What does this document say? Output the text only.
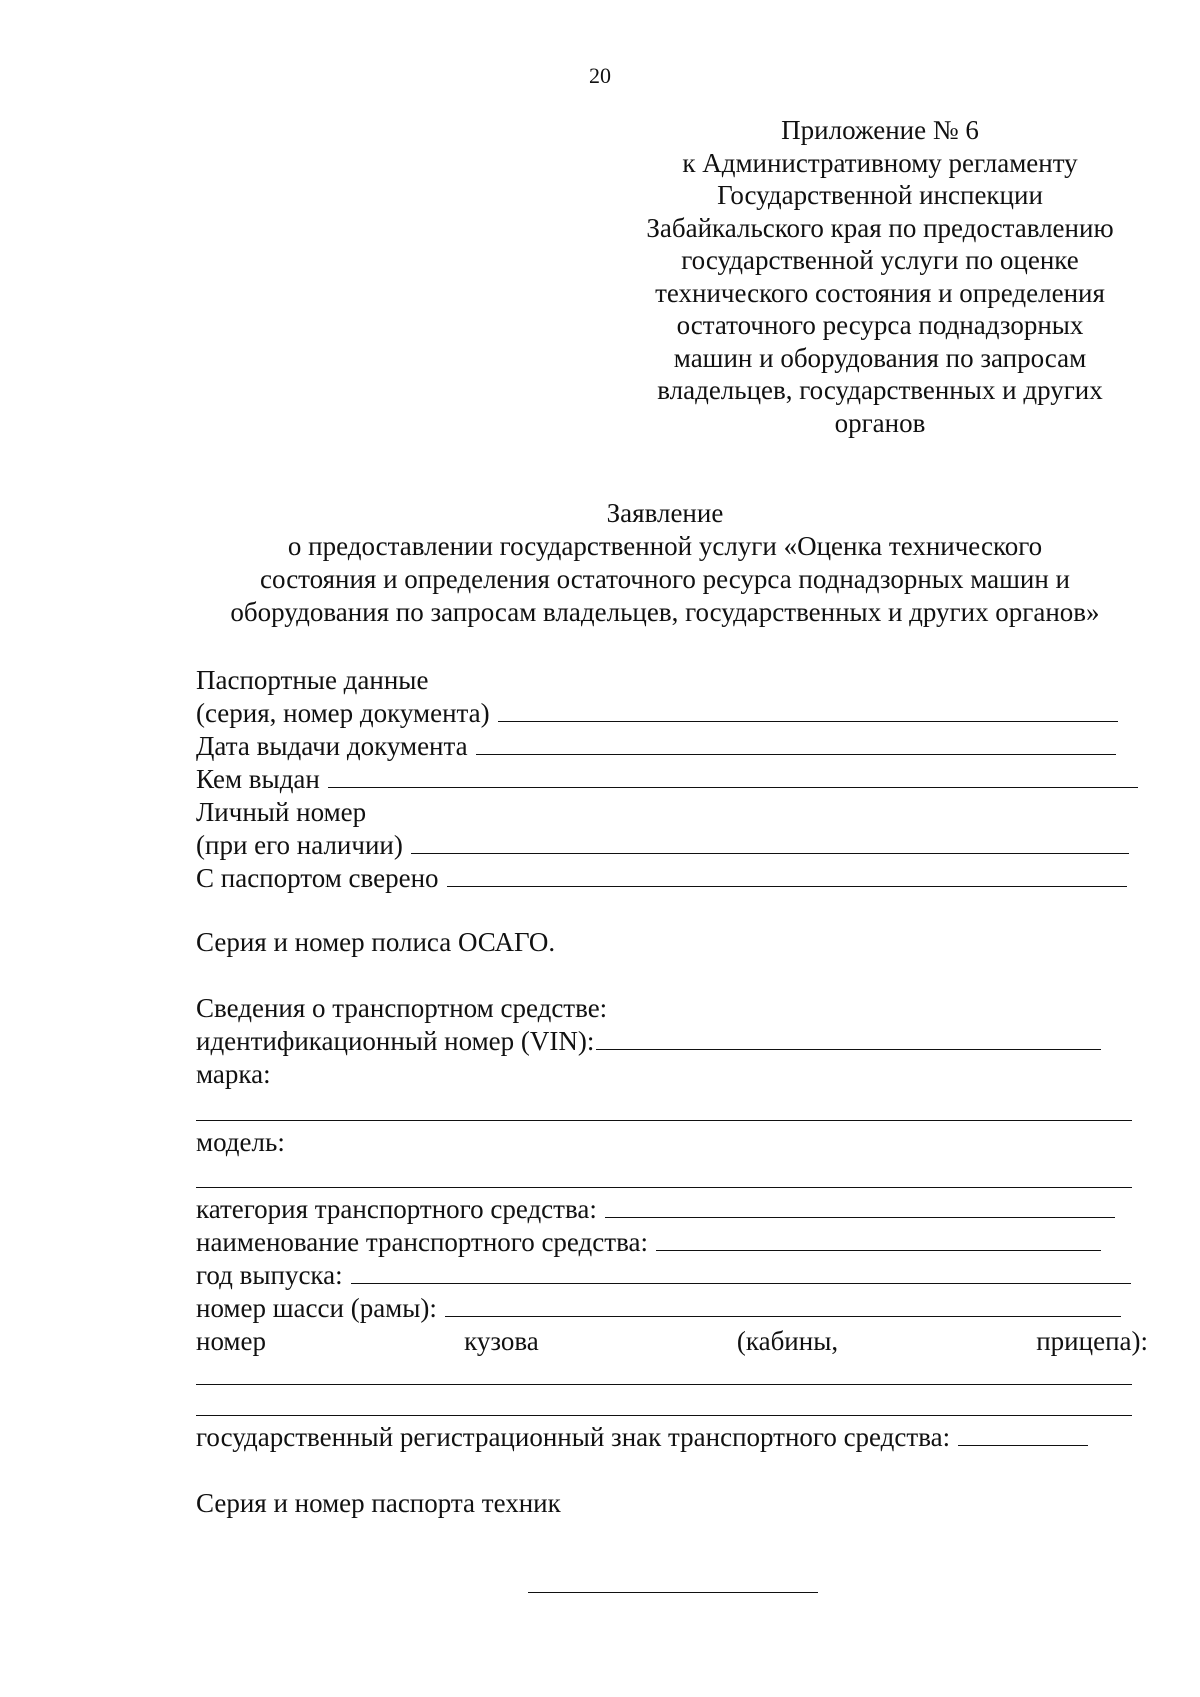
20
Приложение № 6
к Административному регламенту
Государственной инспекции
Забайкальского края по предоставлению
государственной услуги по оценке
технического состояния и определения
остаточного ресурса поднадзорных
машин и оборудования по запросам
владельцев, государственных и других
органов
Заявление
о предоставлении государственной услуги «Оценка технического
состояния и определения остаточного ресурса поднадзорных машин и
оборудования по запросам владельцев, государственных и других органов»
Паспортные данные
(серия, номер документа)
Дата выдачи документа
Кем выдан
Личный номер
(при его наличии)
С паспортом сверено
Серия и номер полиса ОСАГО.
Сведения о транспортном средстве:
идентификационный номер (VIN):
марка:
модель:
категория транспортного средства:
наименование транспортного средства:
год выпуска:
номер шасси (рамы):
номер	кузова	(кабины,	прицепа):
государственный регистрационный знак транспортного средства:
Серия и номер паспорта техник
